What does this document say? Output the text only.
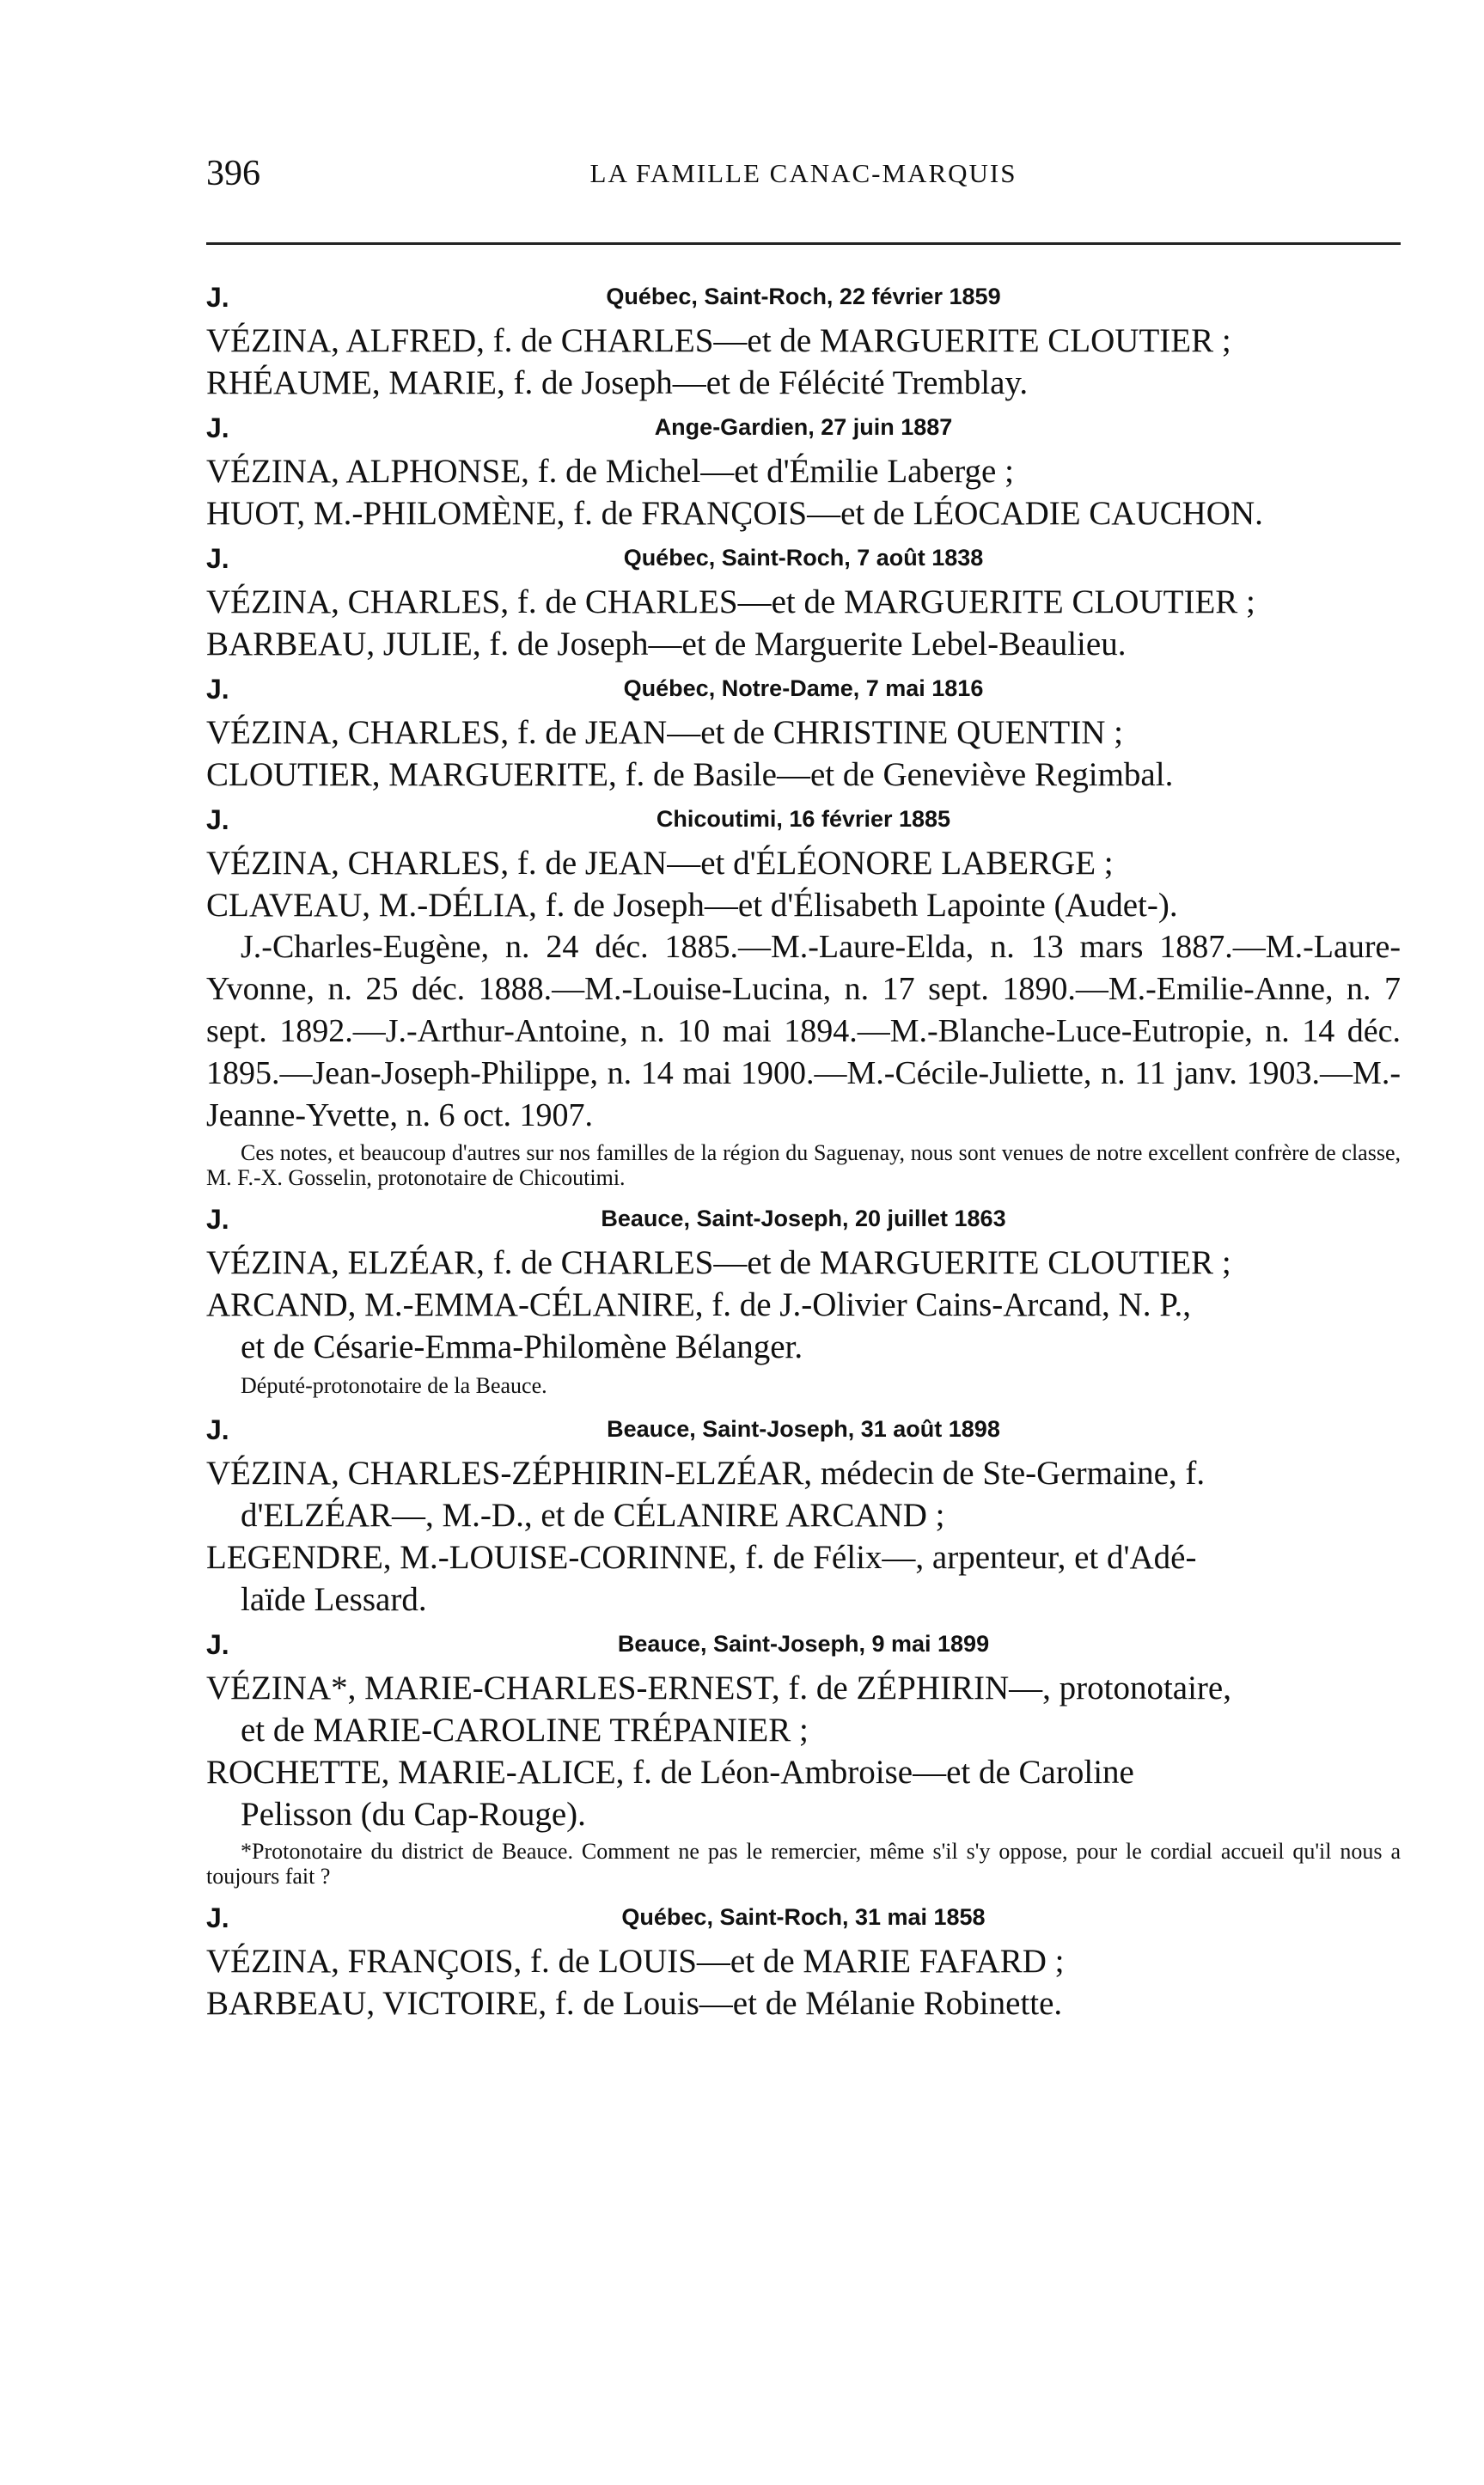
396	LA FAMILLE CANAC-MARQUIS
J.	Québec, Saint-Roch, 22 février 1859
VÉZINA, ALFRED, f. de CHARLES—et de MARGUERITE CLOUTIER ;
RHÉAUME, MARIE, f. de Joseph—et de Félécité Tremblay.
J.	Ange-Gardien, 27 juin 1887
VÉZINA, ALPHONSE, f. de Michel—et d'Émilie Laberge ;
HUOT, M.-PHILOMÈNE, f. de FRANÇOIS—et de LÉOCADIE CAUCHON.
J.	Québec, Saint-Roch, 7 août 1838
VÉZINA, CHARLES, f. de CHARLES—et de MARGUERITE CLOUTIER ;
BARBEAU, JULIE, f. de Joseph—et de Marguerite Lebel-Beaulieu.
J.	Québec, Notre-Dame, 7 mai 1816
VÉZINA, CHARLES, f. de JEAN—et de CHRISTINE QUENTIN ;
CLOUTIER, MARGUERITE, f. de Basile—et de Geneviève Regimbal.
J.	Chicoutimi, 16 février 1885
VÉZINA, CHARLES, f. de JEAN—et d'ÉLÉONORE LABERGE ;
CLAVEAU, M.-DÉLIA, f. de Joseph—et d'Élisabeth Lapointe (Audet-).
J.-Charles-Eugène, n. 24 déc. 1885.—M.-Laure-Elda, n. 13 mars 1887.—M.-Laure-Yvonne, n. 25 déc. 1888.—M.-Louise-Lucina, n. 17 sept. 1890.—M.-Emilie-Anne, n. 7 sept. 1892.—J.-Arthur-Antoine, n. 10 mai 1894.—M.-Blanche-Luce-Eutropie, n. 14 déc. 1895.—Jean-Joseph-Philippe, n. 14 mai 1900.—M.-Cécile-Juliette, n. 11 janv. 1903.—M.-Jeanne-Yvette, n. 6 oct. 1907.
Ces notes, et beaucoup d'autres sur nos familles de la région du Saguenay, nous sont venues de notre excellent confrère de classe, M. F.-X. Gosselin, protonotaire de Chicoutimi.
J.	Beauce, Saint-Joseph, 20 juillet 1863
VÉZINA, ELZÉAR, f. de CHARLES—et de MARGUERITE CLOUTIER ;
ARCAND, M.-EMMA-CÉLANIRE, f. de J.-Olivier Cains-Arcand, N. P.,
et de Césarie-Emma-Philomène Bélanger.
Député-protonotaire de la Beauce.
J.	Beauce, Saint-Joseph, 31 août 1898
VÉZINA, CHARLES-ZÉPHIRIN-ELZÉAR, médecin de Ste-Germaine, f.
d'ELZÉAR—, M.-D., et de CÉLANIRE ARCAND ;
LEGENDRE, M.-LOUISE-CORINNE, f. de Félix—, arpenteur, et d'Adé-
laïde Lessard.
J.	Beauce, Saint-Joseph, 9 mai 1899
VÉZINA*, MARIE-CHARLES-ERNEST, f. de ZÉPHIRIN—, protonotaire,
et de MARIE-CAROLINE TRÉPANIER ;
ROCHETTE, MARIE-ALICE, f. de Léon-Ambroise—et de Caroline
Pelisson (du Cap-Rouge).
*Protonotaire du district de Beauce. Comment ne pas le remercier, même s'il s'y oppose, pour le cordial accueil qu'il nous a toujours fait ?
J.	Québec, Saint-Roch, 31 mai 1858
VÉZINA, FRANÇOIS, f. de LOUIS—et de MARIE FAFARD ;
BARBEAU, VICTOIRE, f. de Louis—et de Mélanie Robinette.
